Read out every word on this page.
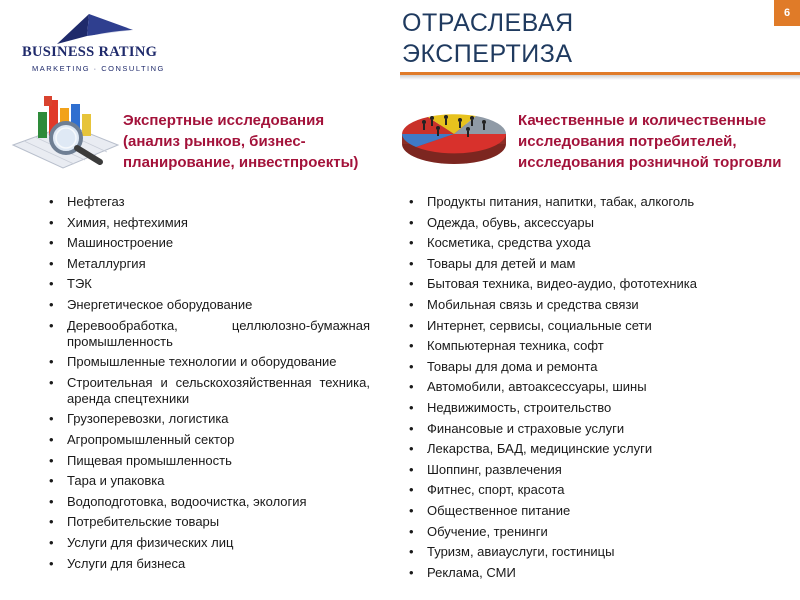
BUSINESS RATING
MARKETING · CONSULTING
ОТРАСЛЕВАЯ
ЭКСПЕРТИЗА
6
Экспертные исследования (анализ рынков, бизнес-планирование, инвестпроекты)
Качественные и количественные исследования потребителей, исследования розничной торговли
• Нефтегаз
• Химия, нефтехимия
• Машиностроение
• Металлургия
• ТЭК
• Энергетическое оборудование
• Деревообработка, целлюлозно-бумажная промышленность
• Промышленные технологии и оборудование
• Строительная и сельскохозяйственная техника, аренда спецтехники
• Грузоперевозки, логистика
• Агропромышленный сектор
• Пищевая промышленность
• Тара и упаковка
• Водоподготовка, водоочистка, экология
• Потребительские товары
• Услуги для физических лиц
• Услуги для бизнеса
• Продукты питания, напитки, табак, алкоголь
• Одежда, обувь, аксессуары
• Косметика, средства ухода
• Товары для детей и мам
• Бытовая техника, видео-аудио, фототехника
• Мобильная связь и средства связи
• Интернет, сервисы, социальные сети
• Компьютерная техника, софт
• Товары для дома и ремонта
• Автомобили, автоаксессуары, шины
• Недвижимость, строительство
• Финансовые и страховые услуги
• Лекарства, БАД, медицинские услуги
• Шоппинг, развлечения
• Фитнес, спорт, красота
• Общественное питание
• Обучение, тренинги
• Туризм, авиауслуги, гостиницы
• Реклама, СМИ
